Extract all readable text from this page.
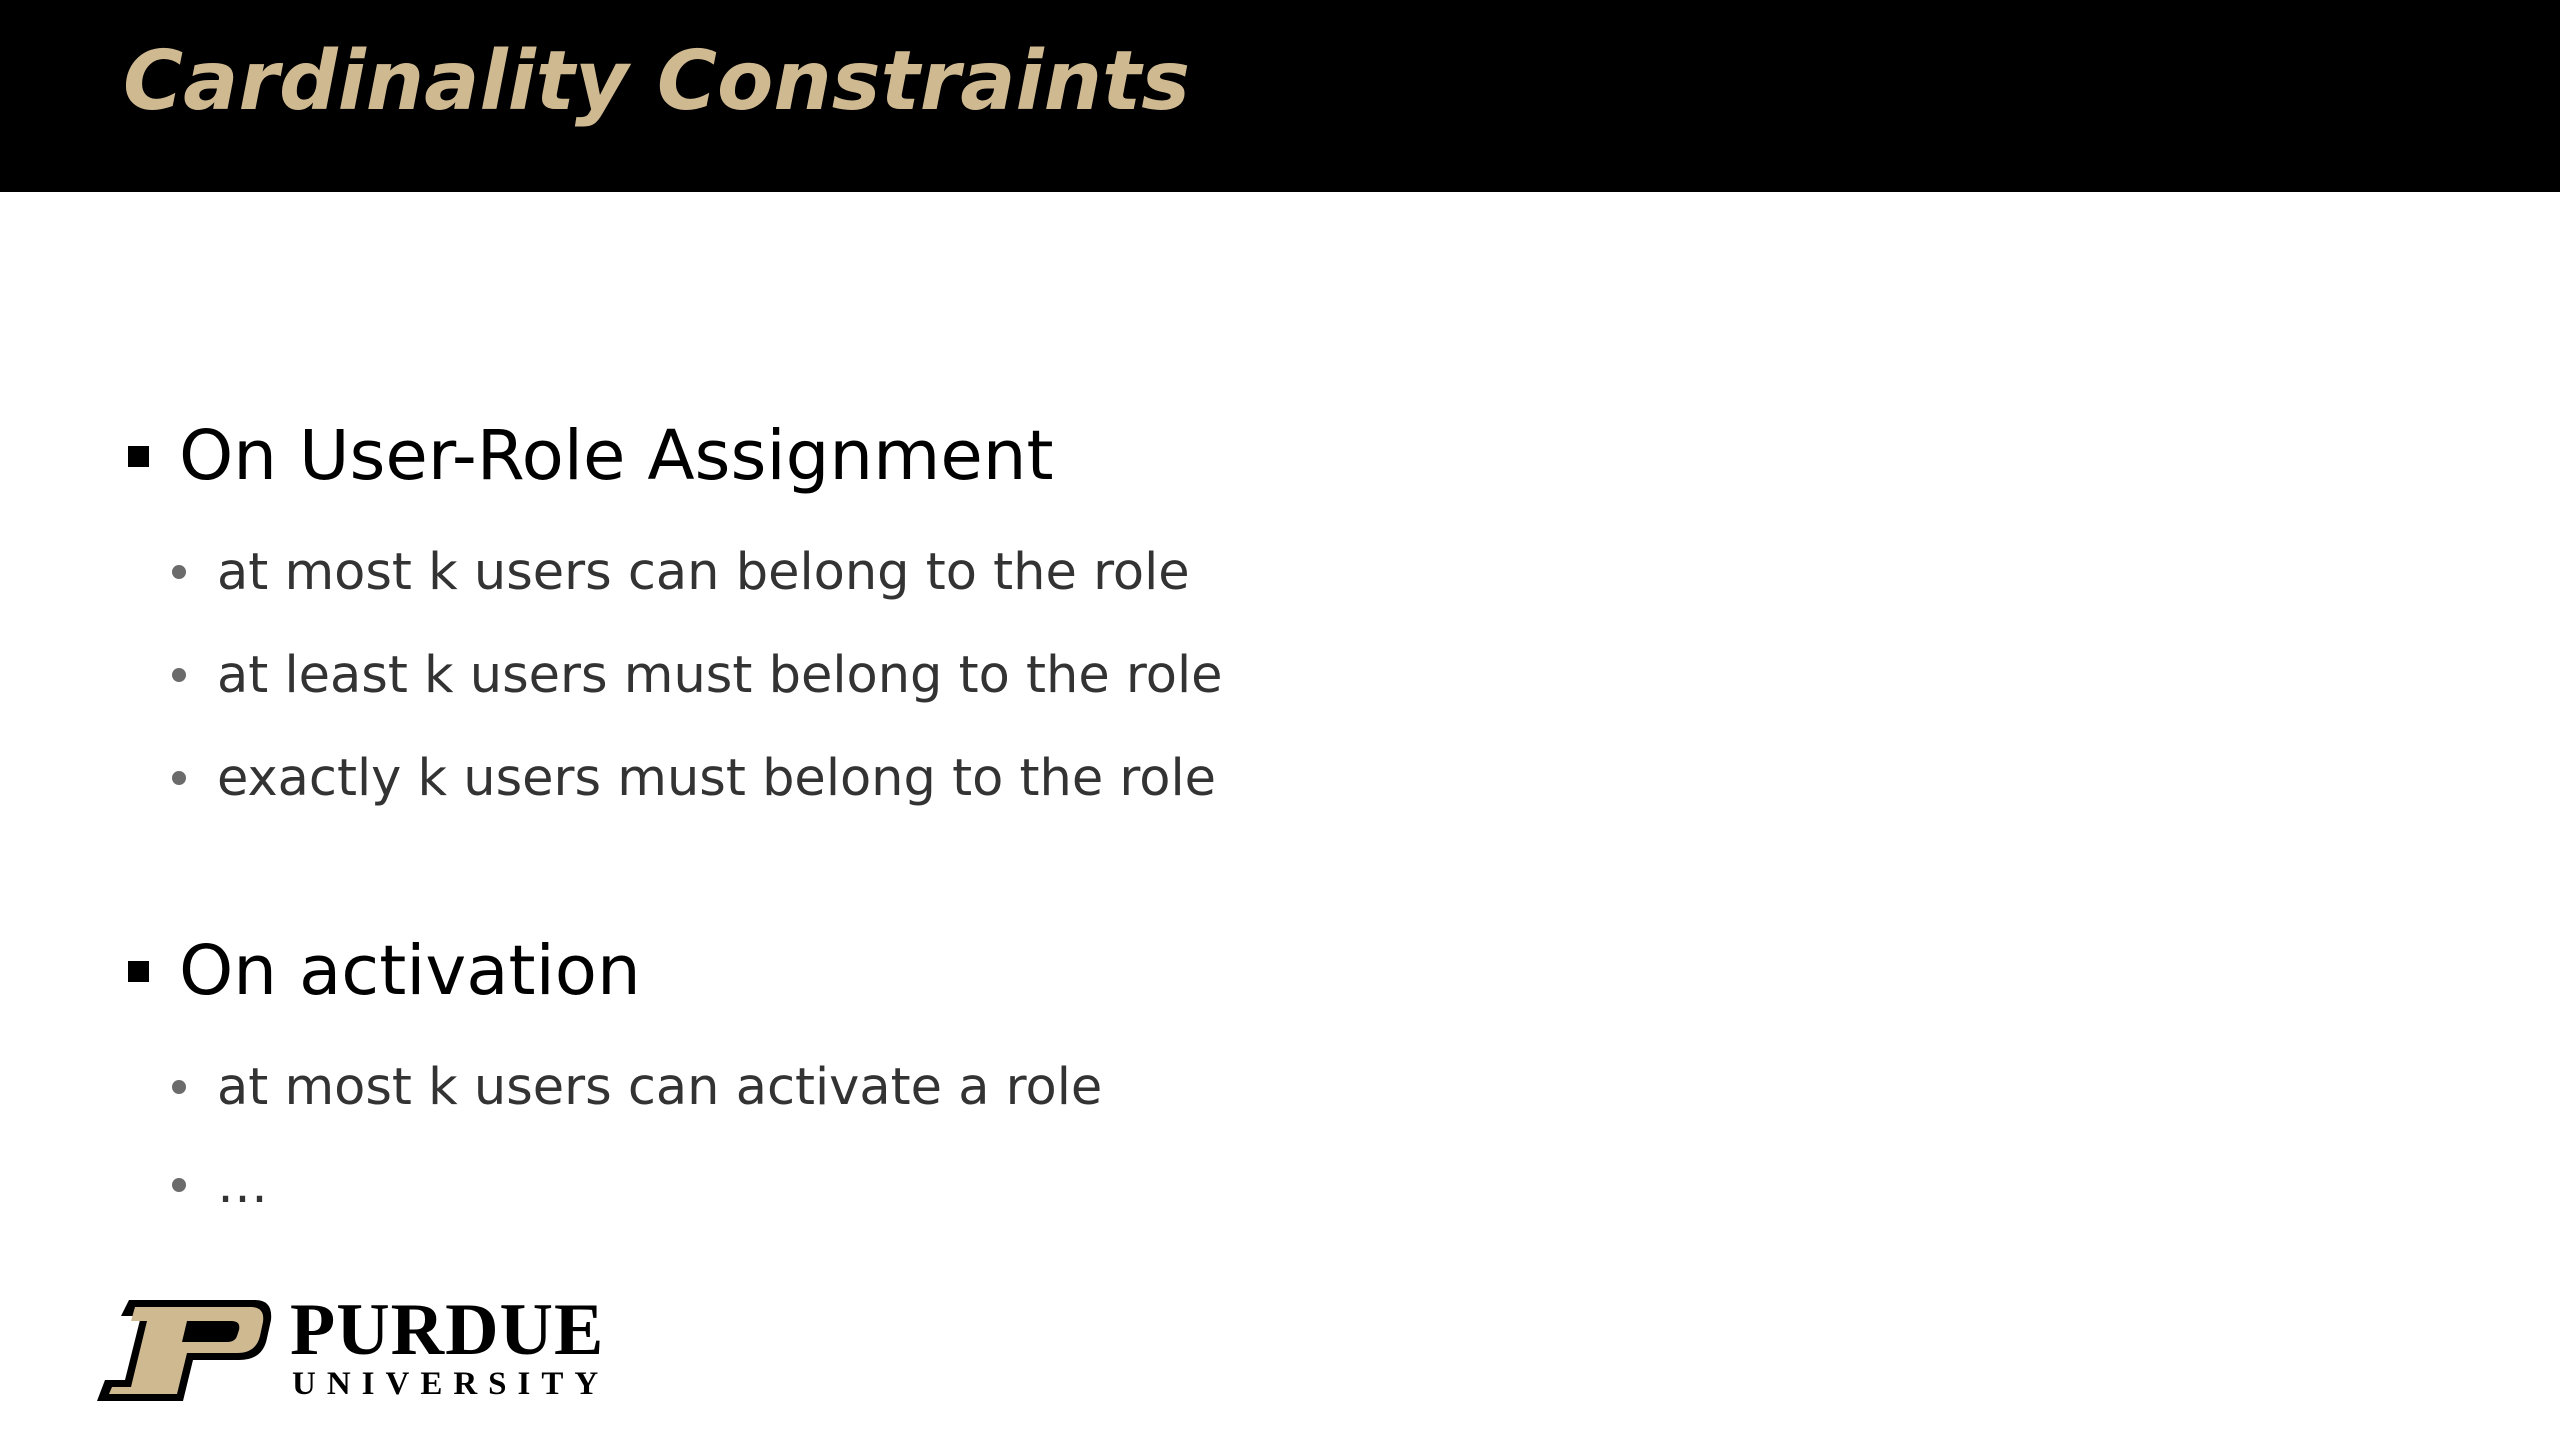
Cardinality Constraints
On User-Role Assignment
at most k users can belong to the role
at least k users must belong to the role
exactly k users must belong to the role
On activation
at most k users can activate a role
…
PURDUE
UNIVERSITY
